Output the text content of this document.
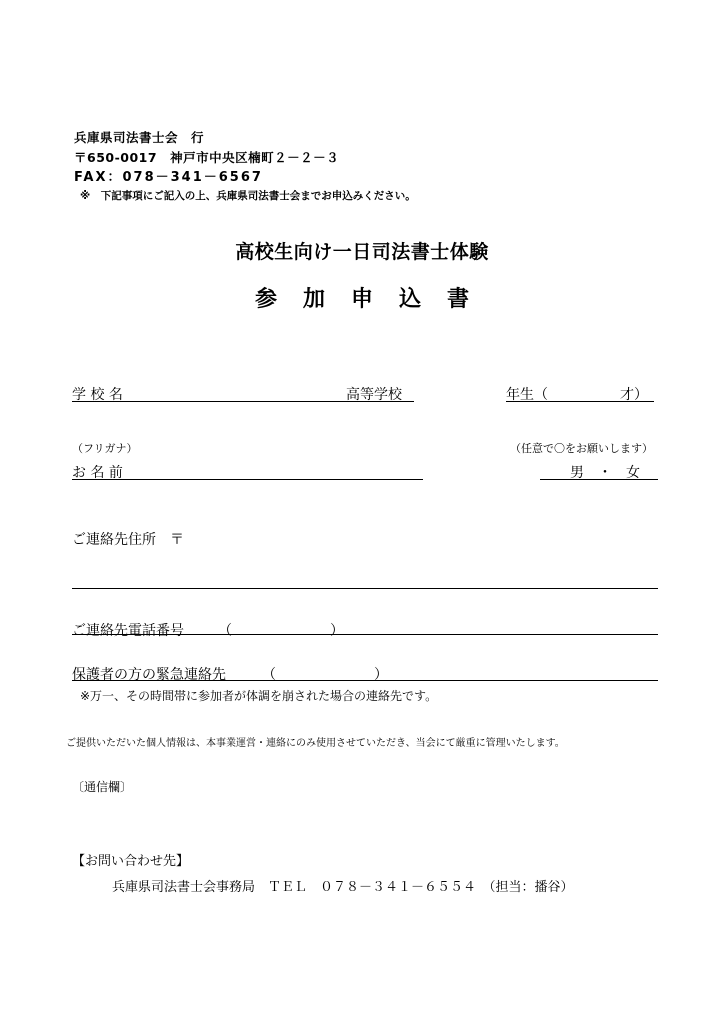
兵庫県司法書士会　行
〒650-0017　神戸市中央区楠町２－２－３
FAX：078－341－6567
※　下記事項にご記入の上、兵庫県司法書士会までお申込みください。
高校生向け一日司法書士体験
参加申込書
学 校 名	高等学校	年生（	才）
（フリガナ）	（任意で〇をお願いします）
お 名 前	男　・　女
ご連絡先住所　〒
ご連絡先電話番号 （　　　　　　　）
保護者の方の緊急連絡先	（　　　　　　　）
※万一、その時間帯に参加者が体調を崩された場合の連絡先です。
ご提供いただいた個人情報は、本事業運営・連絡にのみ使用させていただき、当会にて厳重に管理いたします。
〔通信欄〕
【お問い合わせ先】
兵庫県司法書士会事務局　ＴＥＬ　０７８－３４１－６５５４　（担当：播谷）
